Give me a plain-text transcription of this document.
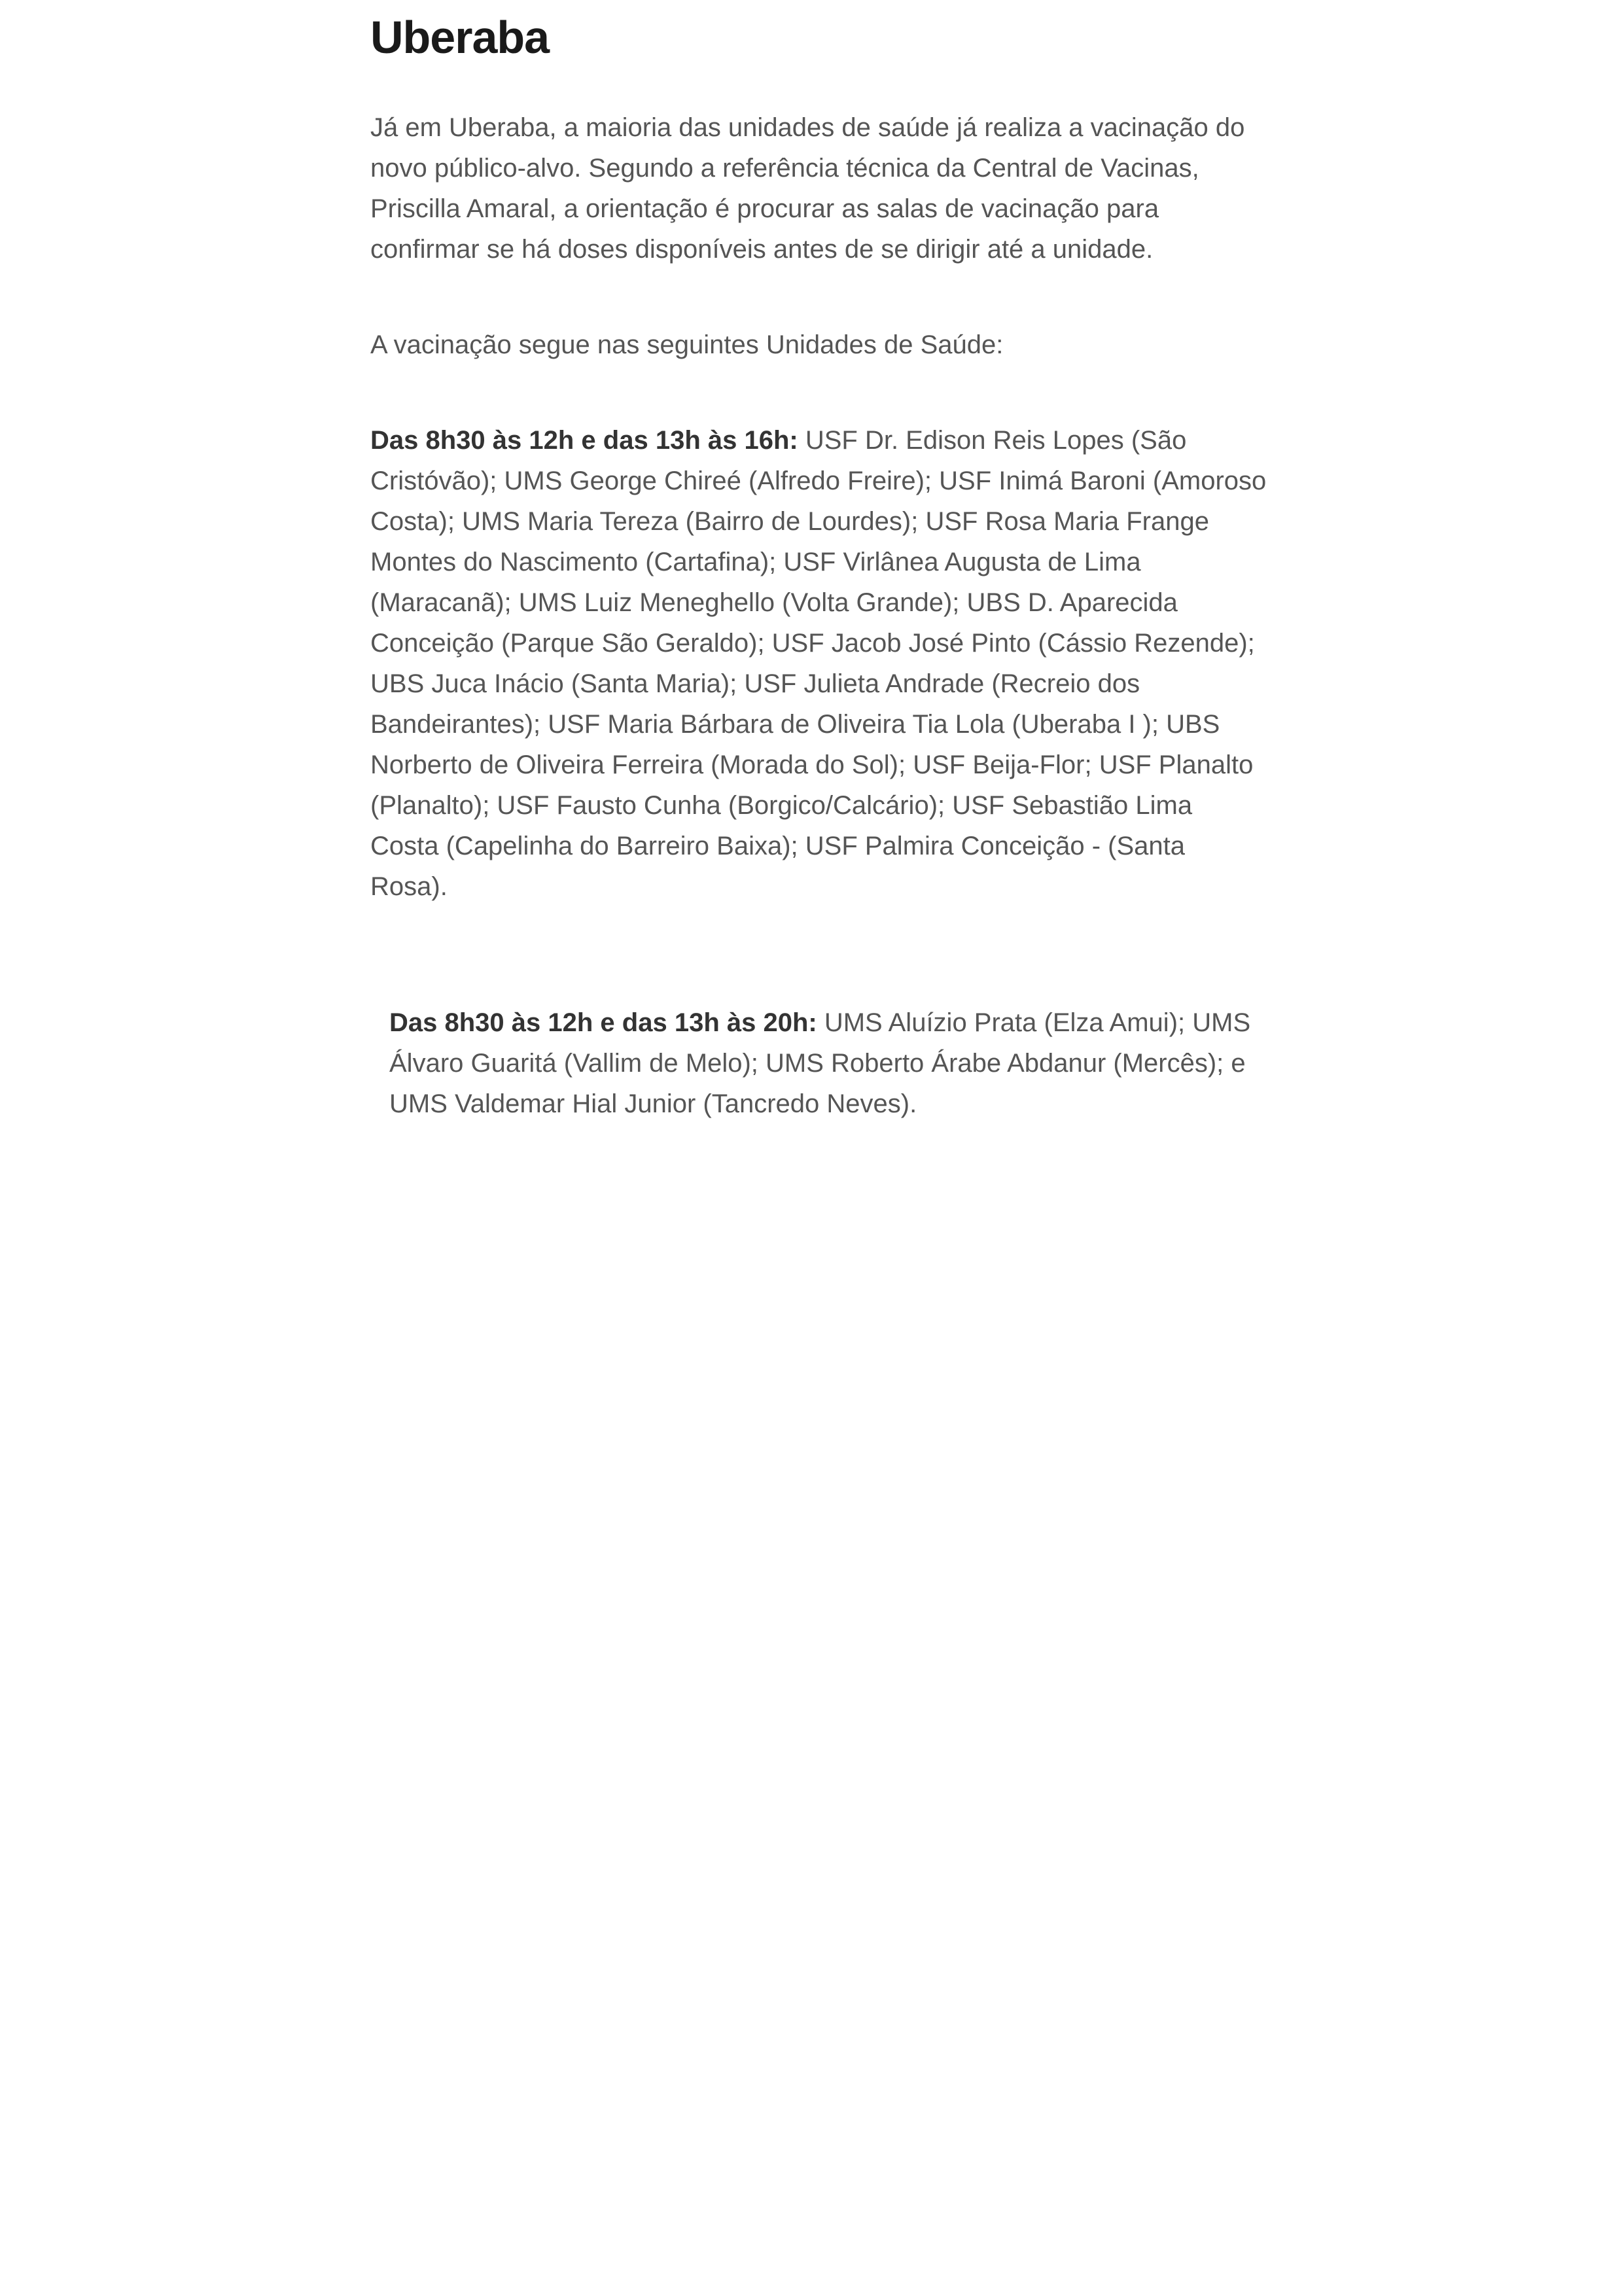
Uberaba

Já em Uberaba, a maioria das unidades de saúde já realiza a vacinação do novo público-alvo. Segundo a referência técnica da Central de Vacinas, Priscilla Amaral, a orientação é procurar as salas de vacinação para confirmar se há doses disponíveis antes de se dirigir até a unidade.

A vacinação segue nas seguintes Unidades de Saúde:

Das 8h30 às 12h e das 13h às 16h: USF Dr. Edison Reis Lopes (São Cristóvão); UMS George Chireé (Alfredo Freire); USF Inimá Baroni (Amoroso Costa); UMS Maria Tereza (Bairro de Lourdes); USF Rosa Maria Frange Montes do Nascimento (Cartafina); USF Virlânea Augusta de Lima (Maracanã); UMS Luiz Meneghello (Volta Grande); UBS D. Aparecida Conceição (Parque São Geraldo); USF Jacob José Pinto (Cássio Rezende); UBS Juca Inácio (Santa Maria); USF Julieta Andrade (Recreio dos Bandeirantes); USF Maria Bárbara de Oliveira Tia Lola (Uberaba I ); UBS Norberto de Oliveira Ferreira (Morada do Sol); USF Beija-Flor; USF Planalto (Planalto); USF Fausto Cunha (Borgico/Calcário); USF Sebastião Lima Costa (Capelinha do Barreiro Baixa); USF Palmira Conceição - (Santa Rosa).

Das 8h30 às 12h e das 13h às 20h: UMS Aluízio Prata (Elza Amui); UMS Álvaro Guaritá (Vallim de Melo); UMS Roberto Árabe Abdanur (Mercês); e UMS Valdemar Hial Junior (Tancredo Neves).
